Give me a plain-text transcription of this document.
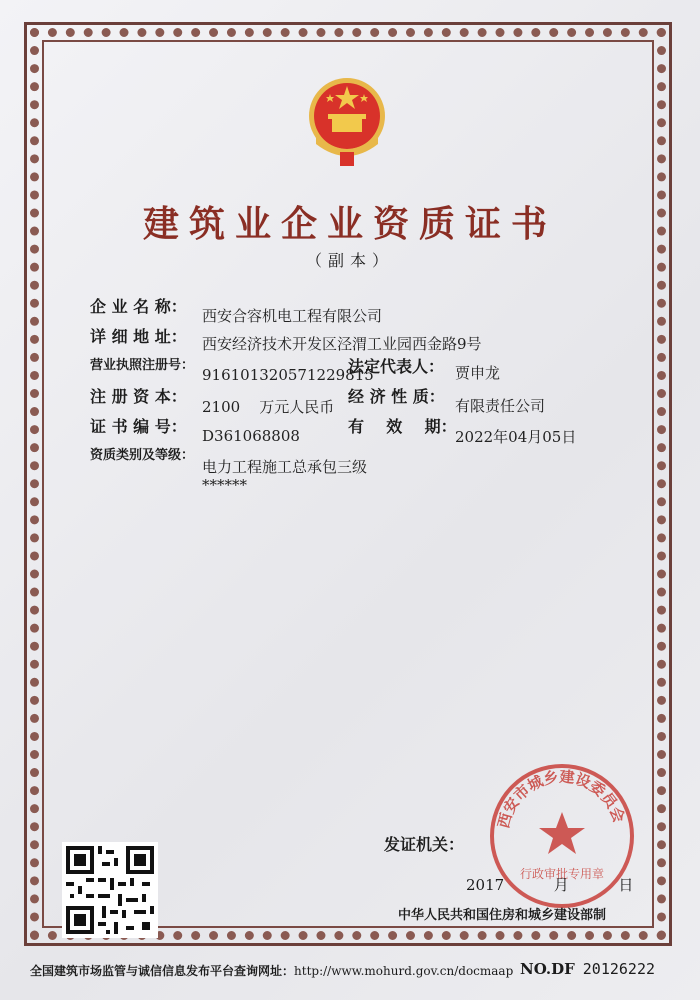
建筑业企业资质证书
（副本）
企 业 名 称： 西安合容机电工程有限公司
详 细 地 址： 西安经济技术开发区泾渭工业园西金路9号
营业执照注册号：
916101320571229815
法定代表人： 贾申龙
注 册 资 本：
2100    万元人民币
经 济 性 质： 有限责任公司
证 书 编 号： D361068808	有    效    期：
2022年04月05日
资质类别及等级：
电力工程施工总承包三级
******
发证机关：
西安市城乡建设委员会
行政审批专用章
2017	月	日
中华人民共和国住房和城乡建设部制
全国建筑市场监管与诚信信息发布平台查询网址：http://www.mohurd.gov.cn/docmaap NO.DF 20126222
